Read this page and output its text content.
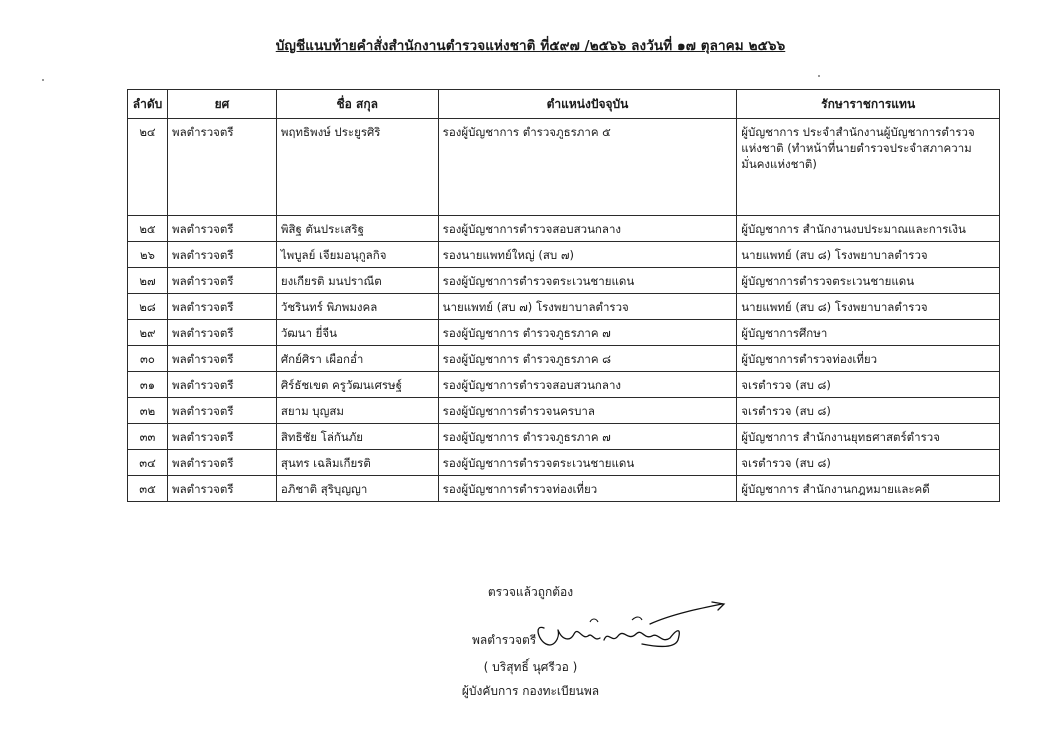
บัญชีแนบท้ายคำสั่งสำนักงานตำรวจแห่งชาติ ที่๕๙๗ /๒๕๖๖ ลงวันที่ ๑๗ ตุลาคม ๒๕๖๖
ลำดับ	ยศ	ชื่อ สกุล	ตำแหน่งปัจจุบัน	รักษาราชการแทน
๒๔	พลตำรวจตรี	พฤทธิพงษ์ ประยูรศิริ	รองผู้บัญชาการ ตำรวจภูธรภาค ๕	ผู้บัญชาการ ประจำสำนักงานผู้บัญชาการตำรวจแห่งชาติ (ทำหน้าที่นายตำรวจประจำสภาความมั่นคงแห่งชาติ)
๒๕	พลตำรวจตรี	พิสิฐ ตันประเสริฐ	รองผู้บัญชาการตำรวจสอบสวนกลาง	ผู้บัญชาการ สำนักงานงบประมาณและการเงิน
๒๖	พลตำรวจตรี	ไพบูลย์ เจียมอนุกูลกิจ	รองนายแพทย์ใหญ่ (สบ ๗)	นายแพทย์ (สบ ๘) โรงพยาบาลตำรวจ
๒๗	พลตำรวจตรี	ยงเกียรติ มนปราณีต	รองผู้บัญชาการตำรวจตระเวนชายแดน	ผู้บัญชาการตำรวจตระเวนชายแดน
๒๘	พลตำรวจตรี	วัชรินทร์ พิภพมงคล	นายแพทย์ (สบ ๗) โรงพยาบาลตำรวจ	นายแพทย์ (สบ ๘) โรงพยาบาลตำรวจ
๒๙	พลตำรวจตรี	วัฒนา ยี่จีน	รองผู้บัญชาการ ตำรวจภูธรภาค ๗	ผู้บัญชาการศึกษา
๓๐	พลตำรวจตรี	ศักย์ศิรา เผือกอ่ำ	รองผู้บัญชาการ ตำรวจภูธรภาค ๘	ผู้บัญชาการตำรวจท่องเที่ยว
๓๑	พลตำรวจตรี	ศิร์ธัชเขต ครูวัฒนเศรษฐ์	รองผู้บัญชาการตำรวจสอบสวนกลาง	จเรตำรวจ (สบ ๘)
๓๒	พลตำรวจตรี	สยาม บุญสม	รองผู้บัญชาการตำรวจนครบาล	จเรตำรวจ (สบ ๘)
๓๓	พลตำรวจตรี	สิทธิชัย โล่กันภัย	รองผู้บัญชาการ ตำรวจภูธรภาค ๗	ผู้บัญชาการ สำนักงานยุทธศาสตร์ตำรวจ
๓๔	พลตำรวจตรี	สุนทร เฉลิมเกียรติ	รองผู้บัญชาการตำรวจตระเวนชายแดน	จเรตำรวจ (สบ ๘)
๓๕	พลตำรวจตรี	อภิชาติ สุริบุญญา	รองผู้บัญชาการตำรวจท่องเที่ยว	ผู้บัญชาการ สำนักงานกฎหมายและคดี
ตรวจแล้วถูกต้อง
พลตำรวจตรี
( บริสุทธิ์ นุศรีวอ )
ผู้บังคับการ กองทะเบียนพล
